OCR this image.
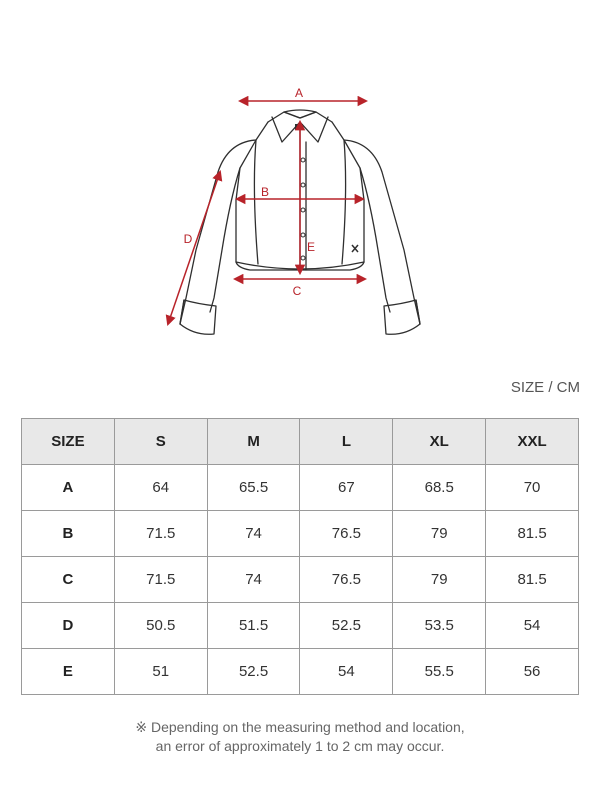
A
B
C
D
E
SIZE / CM
SIZE	S	M	L	XL	XXL
A	64	65.5	67	68.5	70
B	71.5	74	76.5	79	81.5
C	71.5	74	76.5	79	81.5
D	50.5	51.5	52.5	53.5	54
E	51	52.5	54	55.5	56
※ Depending on the measuring method and location,
an error of approximately 1 to 2 cm may occur.
